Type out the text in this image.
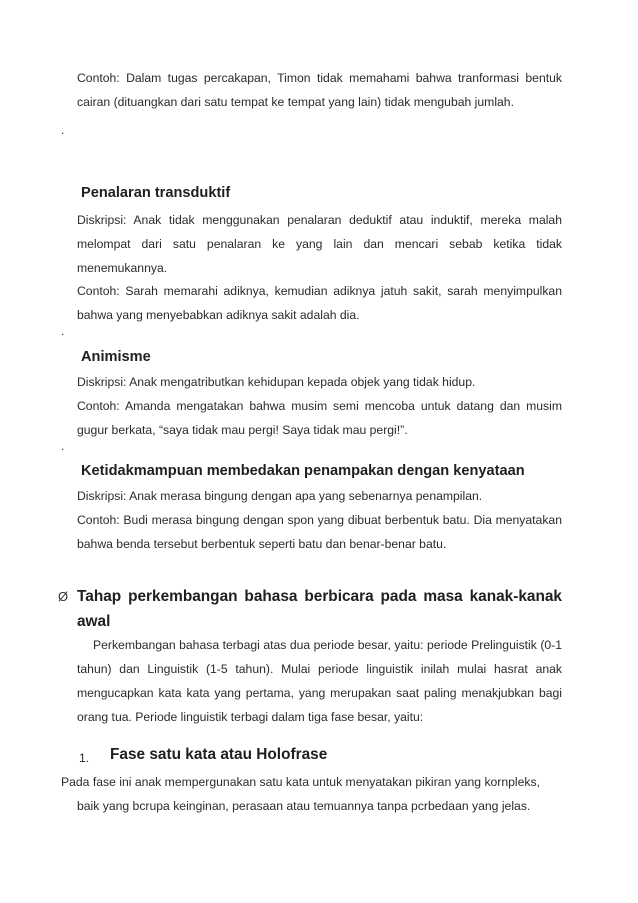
Contoh: Dalam tugas percakapan, Timon tidak memahami bahwa tranformasi bentuk cairan (dituangkan dari satu tempat ke tempat yang lain) tidak mengubah jumlah.

.
Penalaran transduktif

Diskripsi: Anak tidak menggunakan penalaran deduktif atau induktif, mereka malah melompat dari satu penalaran ke yang lain dan mencari sebab ketika tidak menemukannya.

Contoh: Sarah memarahi adiknya, kemudian adiknya jatuh sakit, sarah menyimpulkan bahwa yang menyebabkan adiknya sakit adalah dia.

.
Animisme

Diskripsi: Anak mengatributkan kehidupan kepada objek yang tidak hidup.

Contoh: Amanda mengatakan bahwa musim semi mencoba untuk datang dan musim gugur berkata, “saya tidak mau pergi! Saya tidak mau pergi!”.

.
Ketidakmampuan membedakan penampakan dengan kenyataan

Diskripsi: Anak merasa bingung dengan apa yang sebenarnya penampilan.

Contoh: Budi merasa bingung dengan spon yang dibuat berbentuk batu. Dia menyatakan bahwa benda tersebut berbentuk seperti batu dan benar-benar batu.

Ø Tahap perkembangan bahasa berbicara pada masa kanak-kanak
awal

Perkembangan bahasa terbagi atas dua periode besar, yaitu: periode Prelinguistik (0-1 tahun) dan Linguistik (1-5 tahun). Mulai periode linguistik inilah mulai hasrat anak mengucapkan kata kata yang pertama, yang merupakan saat paling menakjubkan bagi orang tua. Periode linguistik terbagi dalam tiga fase besar, yaitu:

1. Fase satu kata atau Holofrase

Pada fase ini anak mempergunakan satu kata untuk menyatakan pikiran yang kornpleks,

baik yang bcrupa keinginan, perasaan atau temuannya tanpa pcrbedaan yang jelas.
